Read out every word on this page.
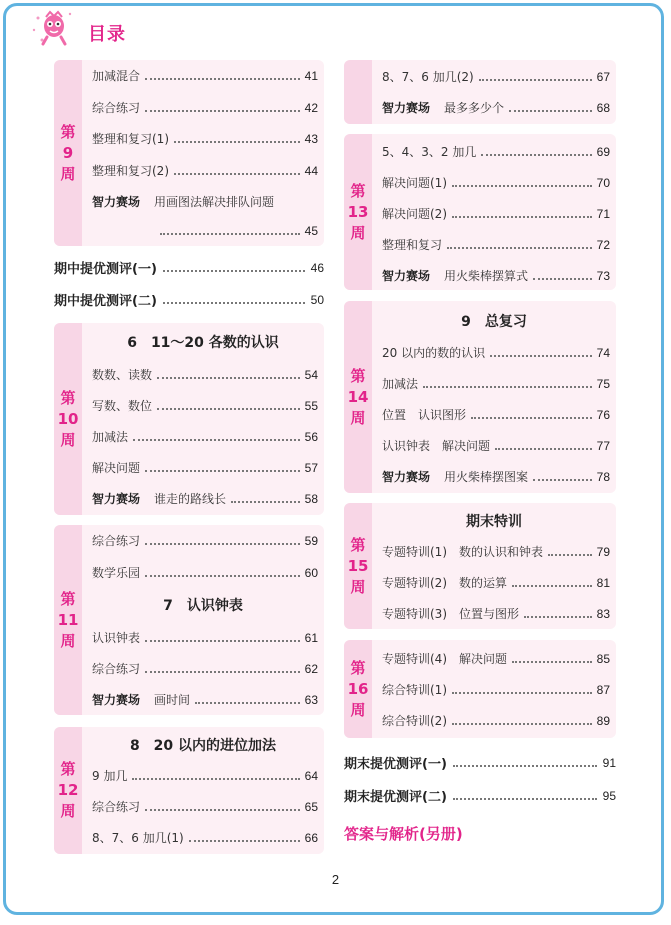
目录
第
9
周
加减混合	41
综合练习	42
整理和复习(1)	43
整理和复习(2)	44
智力赛场 用画图法解决排队问题
45
期中提优测评(一)	46
期中提优测评(二)	50
第
10
周
6　11～20 各数的认识
数数、读数	54
写数、数位	55
加减法	56
解决问题	57
智力赛场 谁走的路线长	58
第
11
周
综合练习	59
数学乐园	60
7　认识钟表
认识钟表	61
综合练习	62
智力赛场 画时间	63
第
12
周
8　20 以内的进位加法
9 加几	64
综合练习	65
8、7、6 加几(1)	66
8、7、6 加几(2)	67
智力赛场 最多多少个	68
第
13
周
5、4、3、2 加几	69
解决问题(1)	70
解决问题(2)	71
整理和复习	72
智力赛场 用火柴棒摆算式	73
第
14
周
9　总复习
20 以内的数的认识	74
加减法	75
位置　认识图形	76
认识钟表　解决问题	77
智力赛场 用火柴棒摆图案	78
第
15
周
期末特训
专题特训(1)　数的认识和钟表	79
专题特训(2)　数的运算	81
专题特训(3)　位置与图形	83
第
16
周
专题特训(4)　解决问题	85
综合特训(1)	87
综合特训(2)	89
期末提优测评(一)	91
期末提优测评(二)	95
答案与解析(另册)
2
